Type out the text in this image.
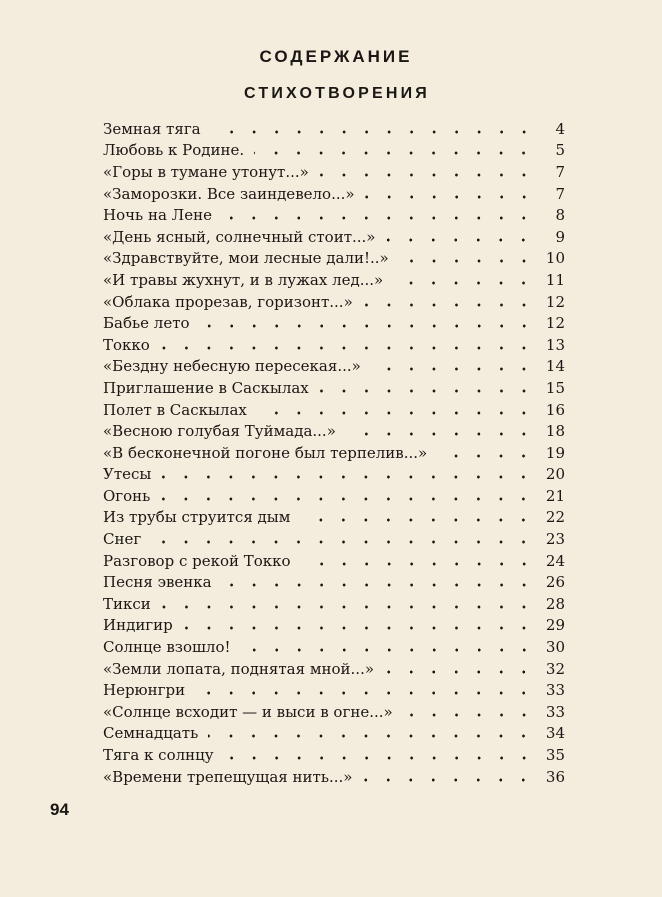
СОДЕРЖАНИЕ
СТИХОТВОРЕНИЯ
Земная тяга	4
Любовь к Родине.	5
«Горы в тумане утонут...»	7
«Заморозки. Все заиндевело...»	7
Ночь на Лене	8
«День ясный, солнечный стоит...»	9
«Здравствуйте, мои лесные дали!..»	10
«И травы жухнут, и в лужах лед...»	11
«Облака прорезав, горизонт...»	12
Бабье лето	12
Токко	13
«Бездну небесную пересекая...»	14
Приглашение в Саскылах	15
Полет в Саскылах	16
«Весною голубая Туймада...»	18
«В бесконечной погоне был терпелив...»	19
Утесы	20
Огонь	21
Из трубы струится дым	22
Снег	23
Разговор с рекой Токко	24
Песня эвенка	26
Тикси	28
Индигир	29
Солнце взошло!	30
«Земли лопата, поднятая мной...»	32
Нерюнгри	33
«Солнце всходит — и выси в огне...»	33
Семнадцать	34
Тяга к солнцу	35
«Времени трепещущая нить...»	36
94
